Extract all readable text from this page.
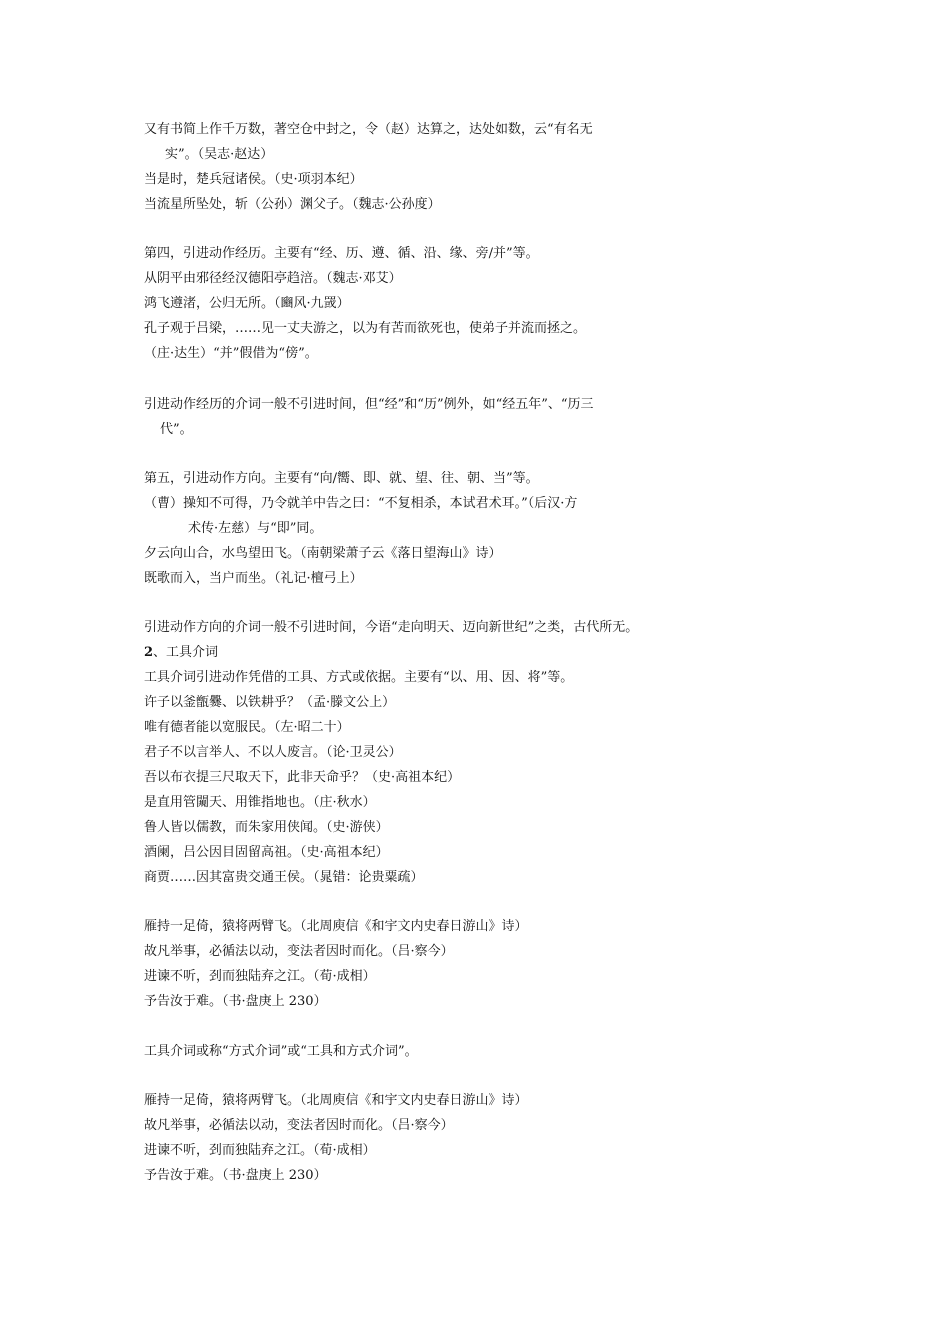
又有书简上作千万数，著空仓中封之，令（赵）达算之，达处如数，云“有名无
实”。（吴志·赵达）
当是时，楚兵冠诸侯。（史·项羽本纪）
当流星所坠处，斩（公孙）渊父子。（魏志·公孙度）
第四，引进动作经历。主要有“经、历、遵、循、沿、缘、旁/并”等。
从阴平由邪径经汉德阳亭趋涪。（魏志·邓艾）
鸿飞遵渚，公归无所。（豳风·九罭）
孔子观于吕梁，……见一丈夫游之，以为有苦而欲死也，使弟子并流而拯之。
（庄·达生）“并”假借为“傍”。
引进动作经历的介词一般不引进时间，但“经”和“历”例外，如“经五年”、“历三
代”。
第五，引进动作方向。主要有“向/嚮、即、就、望、往、朝、当”等。
（曹）操知不可得，乃令就羊中告之曰：“不复相杀，本试君术耳。”（后汉·方
术传·左慈）与“即”同。
夕云向山合，水鸟望田飞。（南朝梁萧子云《落日望海山》诗）
既歌而入，当户而坐。（礼记·檀弓上）
引进动作方向的介词一般不引进时间，今语“走向明天、迈向新世纪”之类，古代所无。
2、工具介词
工具介词引进动作凭借的工具、方式或依据。主要有“以、用、因、将”等。
许子以釜甑爨、以铁耕乎？（孟·滕文公上）
唯有德者能以宽服民。（左·昭二十）
君子不以言举人、不以人废言。（论·卫灵公）
吾以布衣提三尺取天下，此非天命乎？（史·高祖本纪）
是直用管闚天、用锥指地也。（庄·秋水）
鲁人皆以儒教，而朱家用侠闻。（史·游侠）
酒阑，吕公因目固留高祖。（史·高祖本纪）
商贾……因其富贵交通王侯。（晁错：论贵粟疏）
雁持一足倚，猿将两臂飞。（北周庾信《和宇文内史春日游山》诗）
故凡举事，必循法以动，变法者因时而化。（吕·察今）
进谏不听，刭而独陆弃之江。（荀·成相）
予告汝于难。（书·盘庚上 230）
工具介词或称“方式介词”或“工具和方式介词”。
雁持一足倚，猿将两臂飞。（北周庾信《和宇文内史春日游山》诗）
故凡举事，必循法以动，变法者因时而化。（吕·察今）
进谏不听，刭而独陆弃之江。（荀·成相）
予告汝于难。（书·盘庚上 230）
